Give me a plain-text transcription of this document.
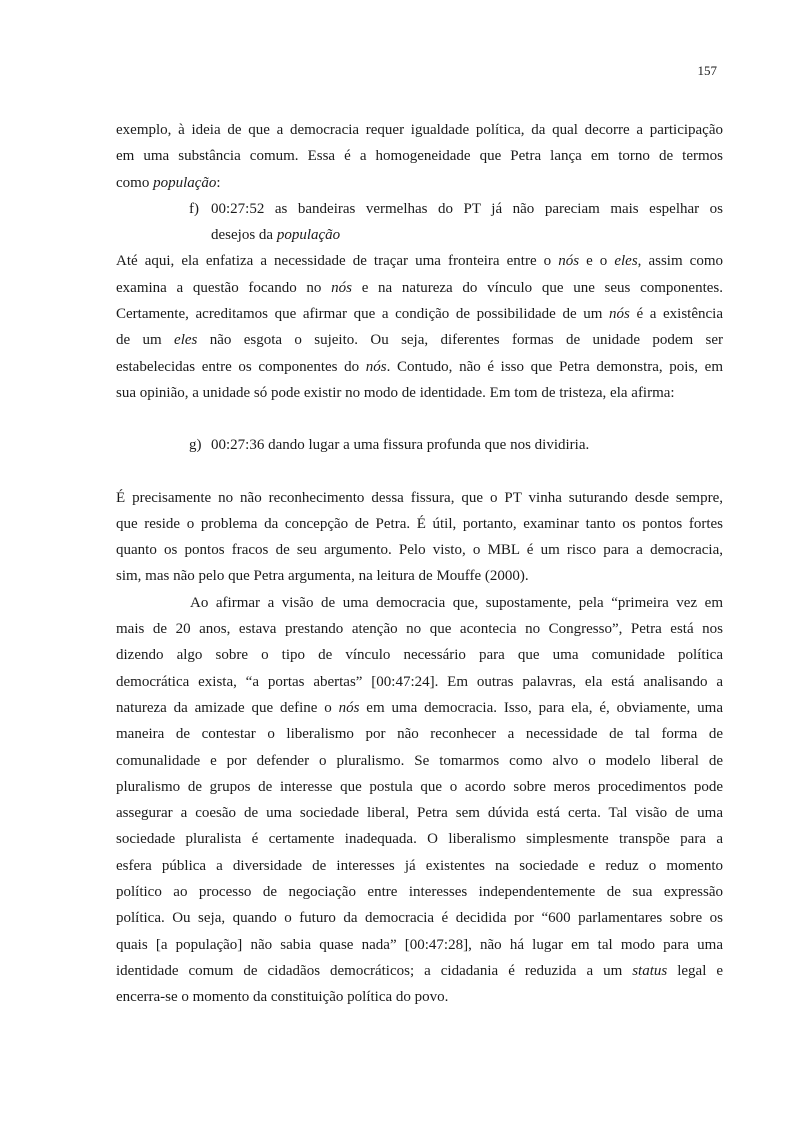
157
exemplo, à ideia de que a democracia requer igualdade política, da qual decorre a participação
em uma substância comum. Essa é a homogeneidade que Petra lança em torno de termos
como população:
f) 00:27:52 as bandeiras vermelhas do PT já não pareciam mais espelhar os
desejos da população
Até aqui, ela enfatiza a necessidade de traçar uma fronteira entre o nós e o eles, assim como
examina a questão focando no nós e na natureza do vínculo que une seus componentes.
Certamente, acreditamos que afirmar que a condição de possibilidade de um nós é a existência
de um eles não esgota o sujeito. Ou seja, diferentes formas de unidade podem ser
estabelecidas entre os componentes do nós. Contudo, não é isso que Petra demonstra, pois, em
sua opinião, a unidade só pode existir no modo de identidade. Em tom de tristeza, ela afirma:
g) 00:27:36 dando lugar a uma fissura profunda que nos dividiria.
É precisamente no não reconhecimento dessa fissura, que o PT vinha suturando desde sempre,
que reside o problema da concepção de Petra. É útil, portanto, examinar tanto os pontos fortes
quanto os pontos fracos de seu argumento. Pelo visto, o MBL é um risco para a democracia,
sim, mas não pelo que Petra argumenta, na leitura de Mouffe (2000).
Ao afirmar a visão de uma democracia que, supostamente, pela “primeira vez em
mais de 20 anos, estava prestando atenção no que acontecia no Congresso”, Petra está nos
dizendo algo sobre o tipo de vínculo necessário para que uma comunidade política
democrática exista, “a portas abertas” [00:47:24]. Em outras palavras, ela está analisando a
natureza da amizade que define o nós em uma democracia. Isso, para ela, é, obviamente, uma
maneira de contestar o liberalismo por não reconhecer a necessidade de tal forma de
comunalidade e por defender o pluralismo. Se tomarmos como alvo o modelo liberal de
pluralismo de grupos de interesse que postula que o acordo sobre meros procedimentos pode
assegurar a coesão de uma sociedade liberal, Petra sem dúvida está certa. Tal visão de uma
sociedade pluralista é certamente inadequada. O liberalismo simplesmente transpõe para a
esfera pública a diversidade de interesses já existentes na sociedade e reduz o momento
político ao processo de negociação entre interesses independentemente de sua expressão
política. Ou seja, quando o futuro da democracia é decidida por “600 parlamentares sobre os
quais [a população] não sabia quase nada” [00:47:28], não há lugar em tal modo para uma
identidade comum de cidadãos democráticos; a cidadania é reduzida a um status legal e
encerra-se o momento da constituição política do povo.
